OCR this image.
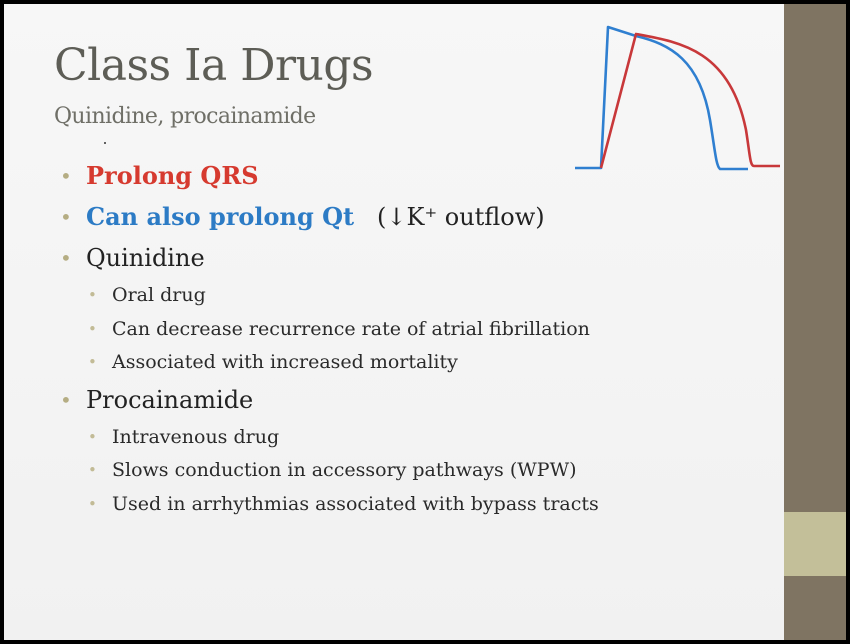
Class Ia Drugs
Quinidine, procainamide
• Prolong QRS
• Can also prolong Qt (↓K⁺ outflow)
• Quinidine
• Oral drug
• Can decrease recurrence rate of atrial fibrillation
• Associated with increased mortality
• Procainamide
• Intravenous drug
• Slows conduction in accessory pathways (WPW)
• Used in arrhythmias associated with bypass tracts
